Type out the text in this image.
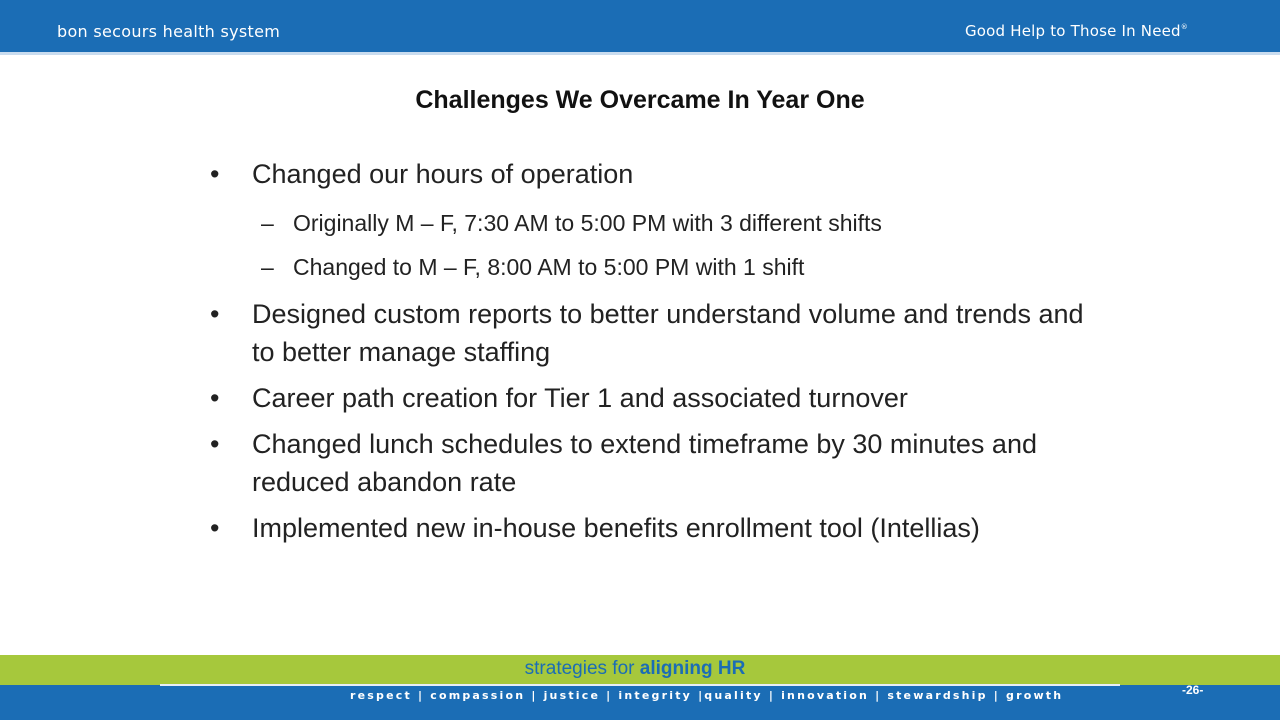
bon secours health system	Good Help to Those In Need®
Challenges We Overcame In Year One
•	Changed our hours of operation
– Originally M – F, 7:30 AM to 5:00 PM with 3 different shifts
– Changed to M – F, 8:00 AM to 5:00 PM with 1 shift
•	Designed custom reports to better understand volume and trends and to better manage staffing
•	Career path creation for Tier 1 and associated turnover
•	Changed lunch schedules to extend timeframe by 30 minutes and reduced abandon rate
•	Implemented new in-house benefits enrollment tool (Intellias)
strategies for aligning HR
respect | compassion | justice | integrity |quality | innovation | stewardship | growth	-26-
